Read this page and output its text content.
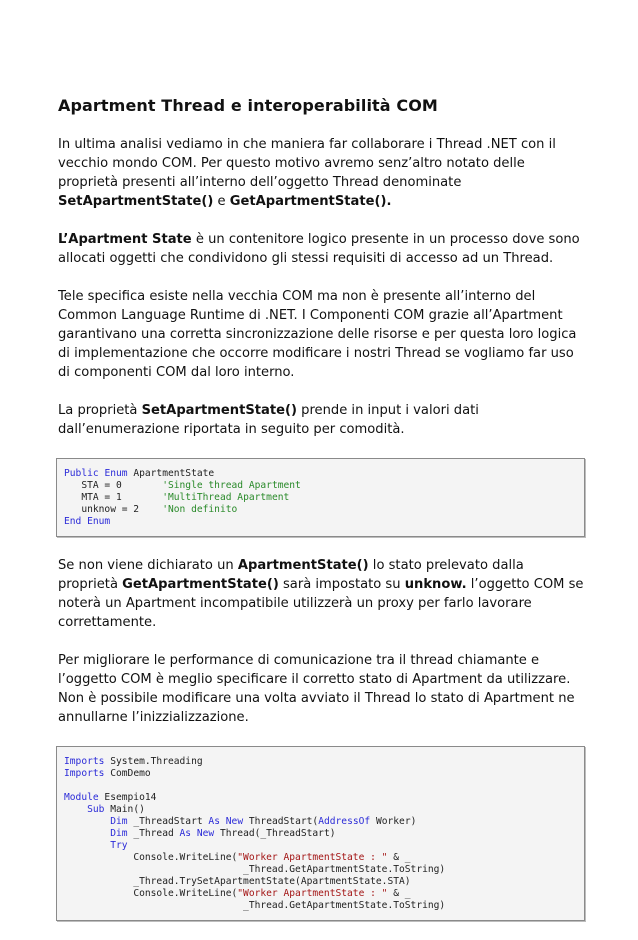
Apartment Thread e interoperabilità COM

In ultima analisi vediamo in che maniera far collaborare i Thread .NET con il vecchio mondo COM. Per questo motivo avremo senz’altro notato delle proprietà presenti all’interno dell’oggetto Thread denominate SetApartmentState() e GetApartmentState().

L’Apartment State è un contenitore logico presente in un processo dove sono allocati oggetti che condividono gli stessi requisiti di accesso ad un Thread.

Tele specifica esiste nella vecchia COM ma non è presente all’interno del Common Language Runtime di .NET. I Componenti COM grazie all’Apartment garantivano una corretta sincronizzazione delle risorse e per questa loro logica di implementazione che occorre modificare i nostri Thread se vogliamo far uso di componenti COM dal loro interno.

La proprietà SetApartmentState() prende in input i valori dati dall’enumerazione riportata in seguito per comodità.

Public Enum ApartmentState
STA = 0       'Single thread Apartment
MTA = 1       'MultiThread Apartment
unknow = 2    'Non definito
End Enum

Se non viene dichiarato un ApartmentState() lo stato prelevato dalla proprietà GetApartmentState() sarà impostato su unknow. l’oggetto COM se noterà un Apartment incompatibile utilizzerà un proxy per farlo lavorare correttamente.

Per migliorare le performance di comunicazione tra il thread chiamante e l’oggetto COM è meglio specificare il corretto stato di Apartment da utilizzare. Non è possibile modificare una volta avviato il Thread lo stato di Apartment ne annullarne l’inizzializzazione.

Imports System.Threading
Imports ComDemo
Module Esempio14
Sub Main()
Dim _ThreadStart As New ThreadStart(AddressOf Worker)
Dim _Thread As New Thread(_ThreadStart)
Try
Console.WriteLine("Worker ApartmentState : " & _
_Thread.GetApartmentState.ToString)
_Thread.TrySetApartmentState(ApartmentState.STA)
Console.WriteLine("Worker ApartmentState : " & _
_Thread.GetApartmentState.ToString)
